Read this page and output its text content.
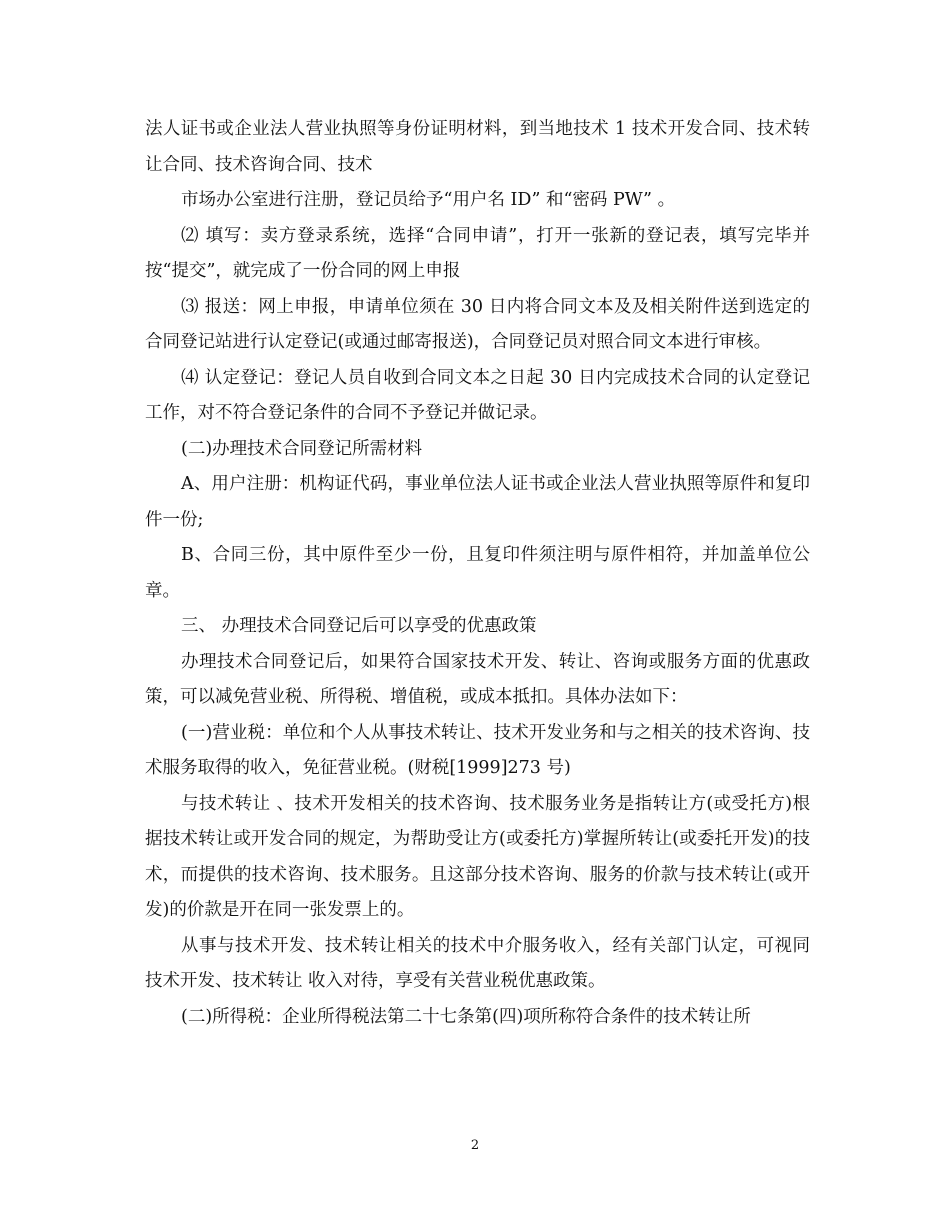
法人证书或企业法人营业执照等身份证明材料，到当地技术 1 技术开发合同、技术转让合同、技术咨询合同、技术

市场办公室进行注册，登记员给予“用户名 ID” 和“密码 PW” 。

⑵ 填写：卖方登录系统，选择“合同申请”，打开一张新的登记表，填写完毕并按“提交”，就完成了一份合同的网上申报

⑶ 报送：网上申报，申请单位须在 30 日内将合同文本及及相关附件送到选定的合同登记站进行认定登记(或通过邮寄报送)，合同登记员对照合同文本进行审核。

⑷ 认定登记：登记人员自收到合同文本之日起 30 日内完成技术合同的认定登记工作，对不符合登记条件的合同不予登记并做记录。

(二)办理技术合同登记所需材料

A、用户注册：机构证代码，事业单位法人证书或企业法人营业执照等原件和复印件一份;

B、合同三份，其中原件至少一份，且复印件须注明与原件相符，并加盖单位公章。

三、 办理技术合同登记后可以享受的优惠政策

办理技术合同登记后，如果符合国家技术开发、转让、咨询或服务方面的优惠政策，可以减免营业税、所得税、增值税，或成本抵扣。具体办法如下：

(一)营业税：单位和个人从事技术转让、技术开发业务和与之相关的技术咨询、技术服务取得的收入，免征营业税。(财税[1999]273 号)

与技术转让 、技术开发相关的技术咨询、技术服务业务是指转让方(或受托方)根据技术转让或开发合同的规定，为帮助受让方(或委托方)掌握所转让(或委托开发)的技术，而提供的技术咨询、技术服务。且这部分技术咨询、服务的价款与技术转让(或开发)的价款是开在同一张发票上的。

从事与技术开发、技术转让相关的技术中介服务收入，经有关部门认定，可视同技术开发、技术转让 收入对待，享受有关营业税优惠政策。

(二)所得税：企业所得税法第二十七条第(四)项所称符合条件的技术转让所

2
